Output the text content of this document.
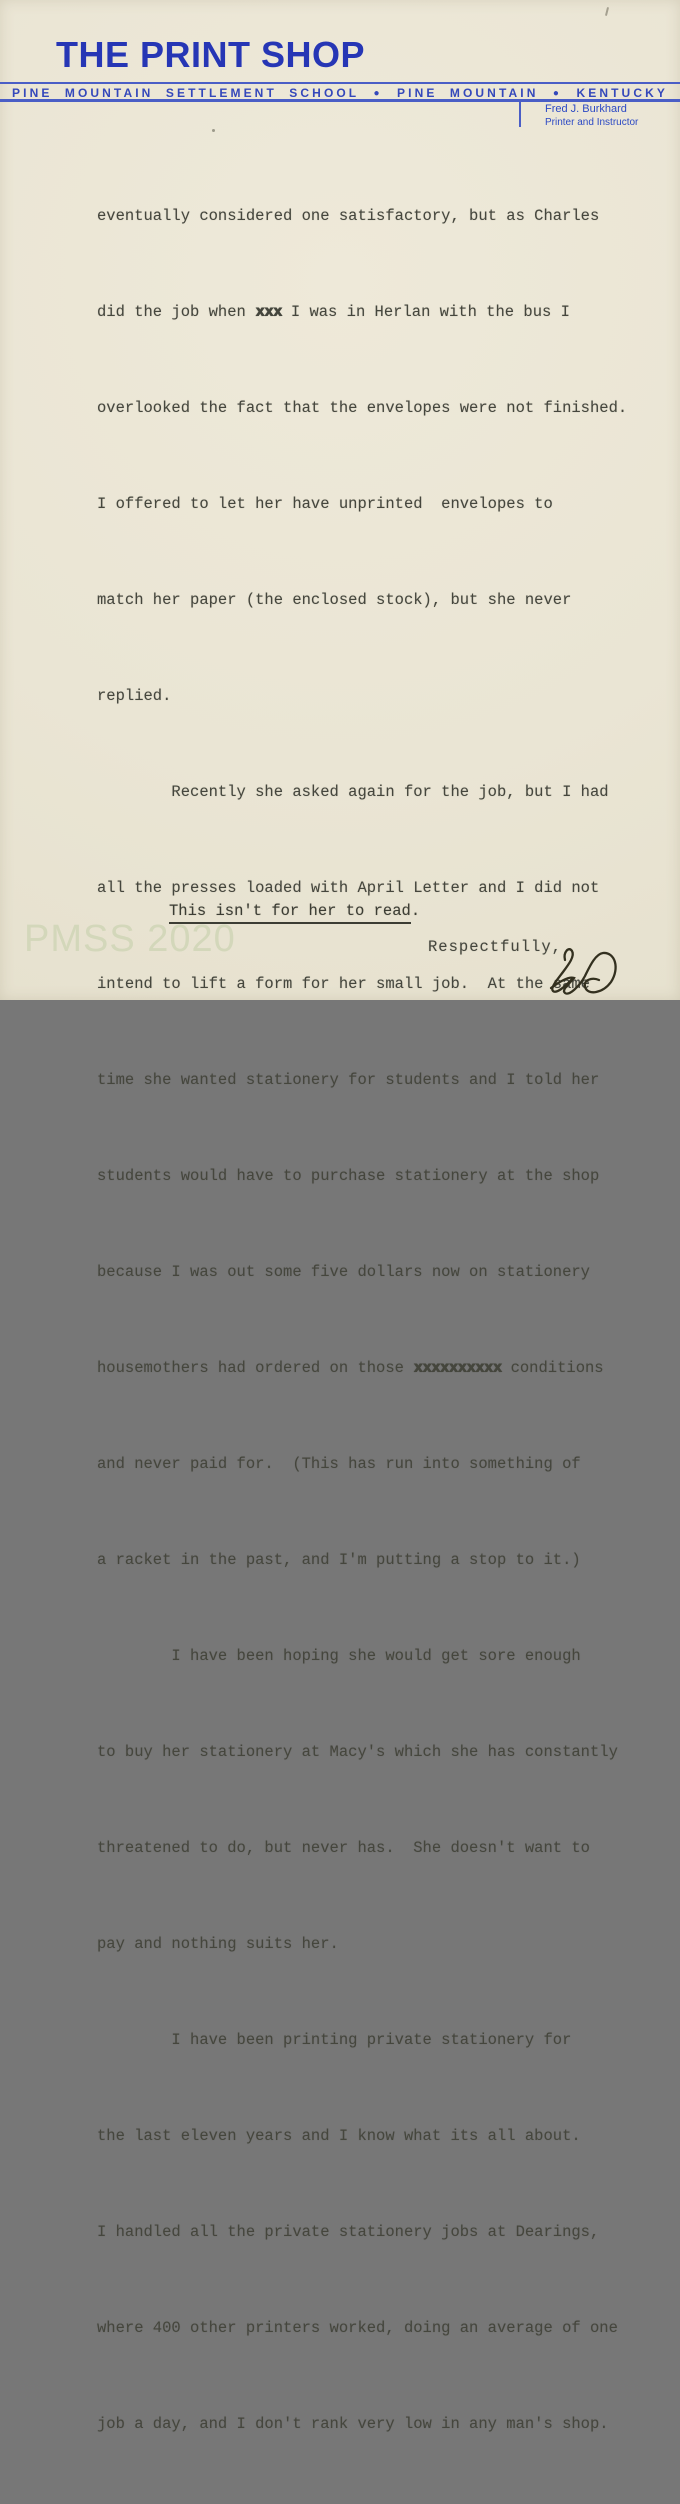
PMSS 2020
THE PRINT SHOP
PINE MOUNTAIN SETTLEMENT SCHOOL ● PINE MOUNTAIN ● KENTUCKY
Fred J. Burkhard
Printer and Instructor

eventually considered one satisfactory, but as Charles

did the job when xxx I was in Herlan with the bus I

overlooked the fact that the envelopes were not finished.

I offered to let her have unprinted  envelopes to

match her paper (the enclosed stock), but she never

replied.

Recently she asked again for the job, but I had

all the presses loaded with April Letter and I did not

intend to lift a form for her small job.  At the same

time she wanted stationery for students and I told her

students would have to purchase stationery at the shop

because I was out some five dollars now on stationery

housemothers had ordered on those xxxxxxxxxx conditions

and never paid for.  (This has run into something of

a racket in the past, and I'm putting a stop to it.)

I have been hoping she would get sore enough

to buy her stationery at Macy's which she has constantly

threatened to do, but never has.  She doesn't want to

pay and nothing suits her.

I have been printing private stationery for

the last eleven years and I know what its all about.

I handled all the private stationery jobs at Dearings,

where 400 other printers worked, doing an average of one

job a day, and I don't rank very low in any man's shop.

This isn't for her to read.
Respectfully,
